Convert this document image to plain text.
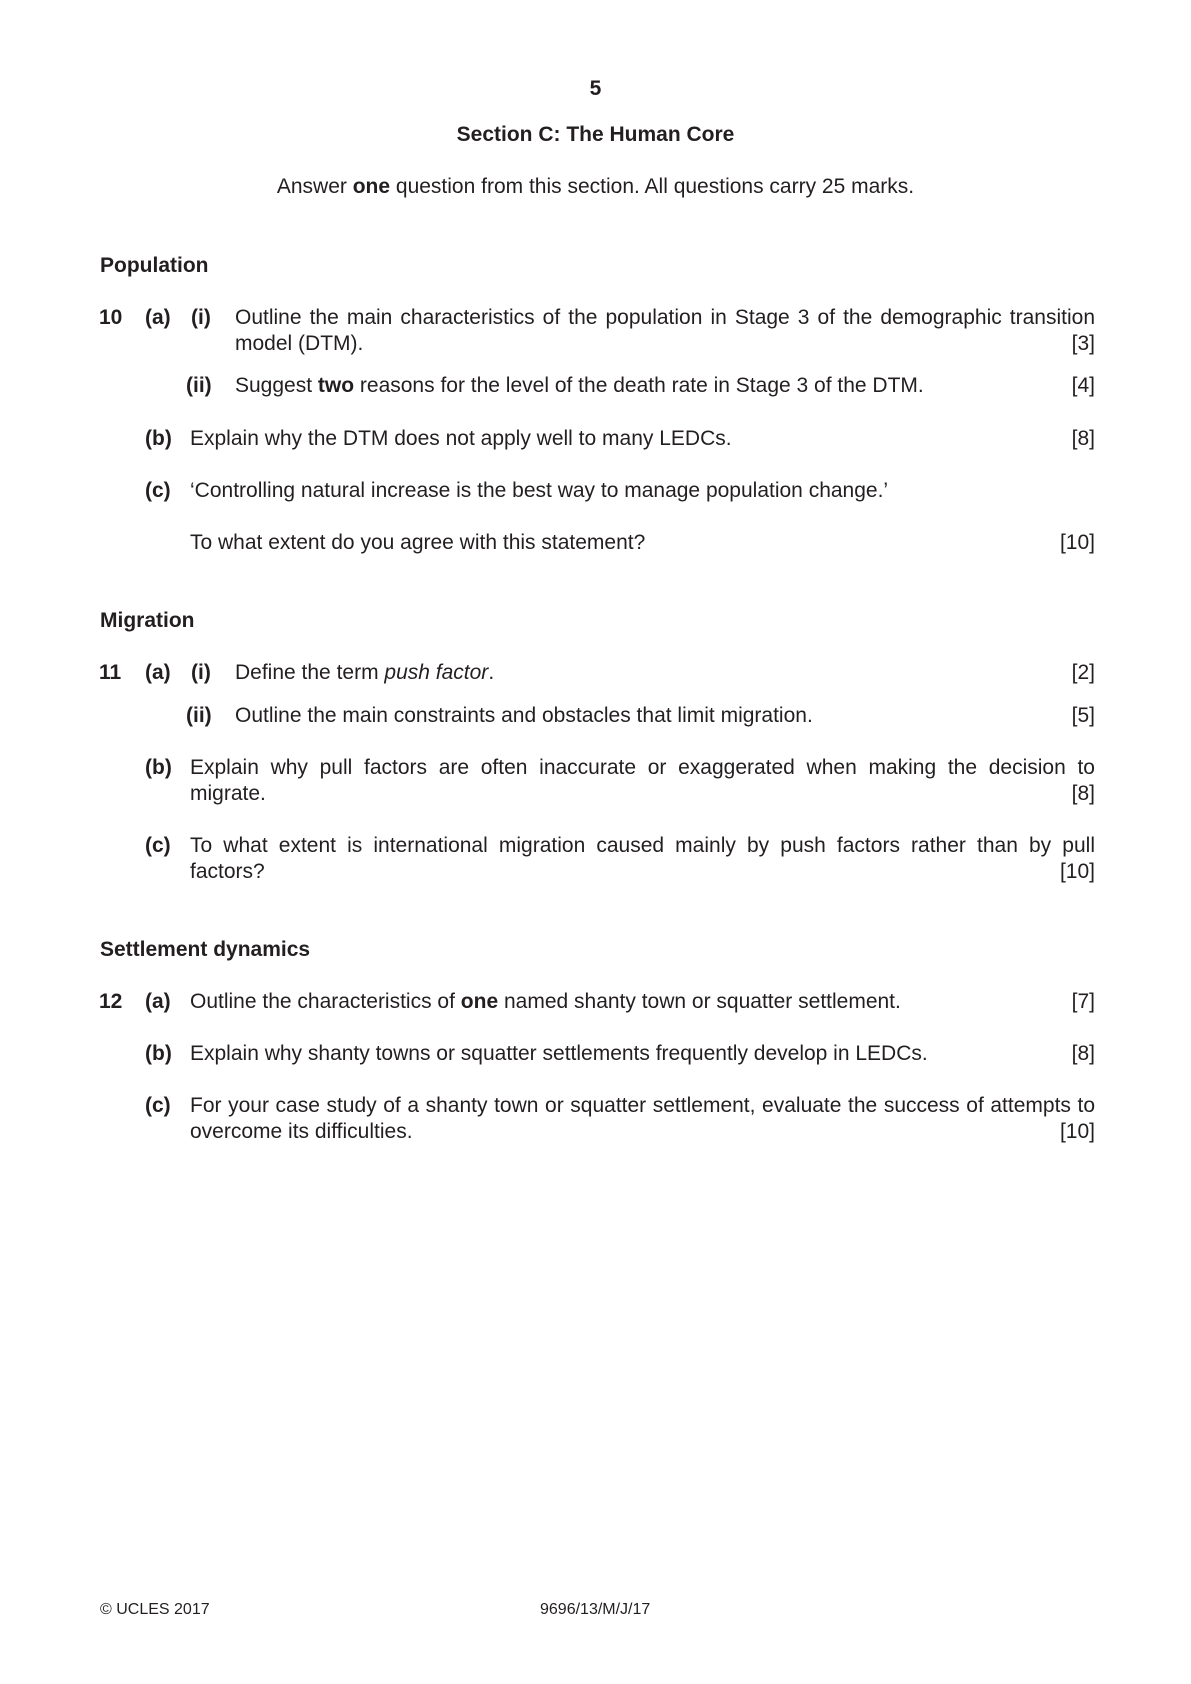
5
Section C: The Human Core
Answer one question from this section. All questions carry 25 marks.
Population
10 (a) (i) Outline the main characteristics of the population in Stage 3 of the demographic transition model (DTM).	[3]
(ii) Suggest two reasons for the level of the death rate in Stage 3 of the DTM.	[4]
(b) Explain why the DTM does not apply well to many LEDCs.	[8]
(c) ‘Controlling natural increase is the best way to manage population change.’
To what extent do you agree with this statement?	[10]
Migration
11 (a) (i) Define the term push factor.	[2]
(ii) Outline the main constraints and obstacles that limit migration.	[5]
(b) Explain why pull factors are often inaccurate or exaggerated when making the decision to migrate.	[8]
(c) To what extent is international migration caused mainly by push factors rather than by pull factors?	[10]
Settlement dynamics
12 (a) Outline the characteristics of one named shanty town or squatter settlement.	[7]
(b) Explain why shanty towns or squatter settlements frequently develop in LEDCs.	[8]
(c) For your case study of a shanty town or squatter settlement, evaluate the success of attempts to overcome its difficulties.	[10]
© UCLES 2017	9696/13/M/J/17
